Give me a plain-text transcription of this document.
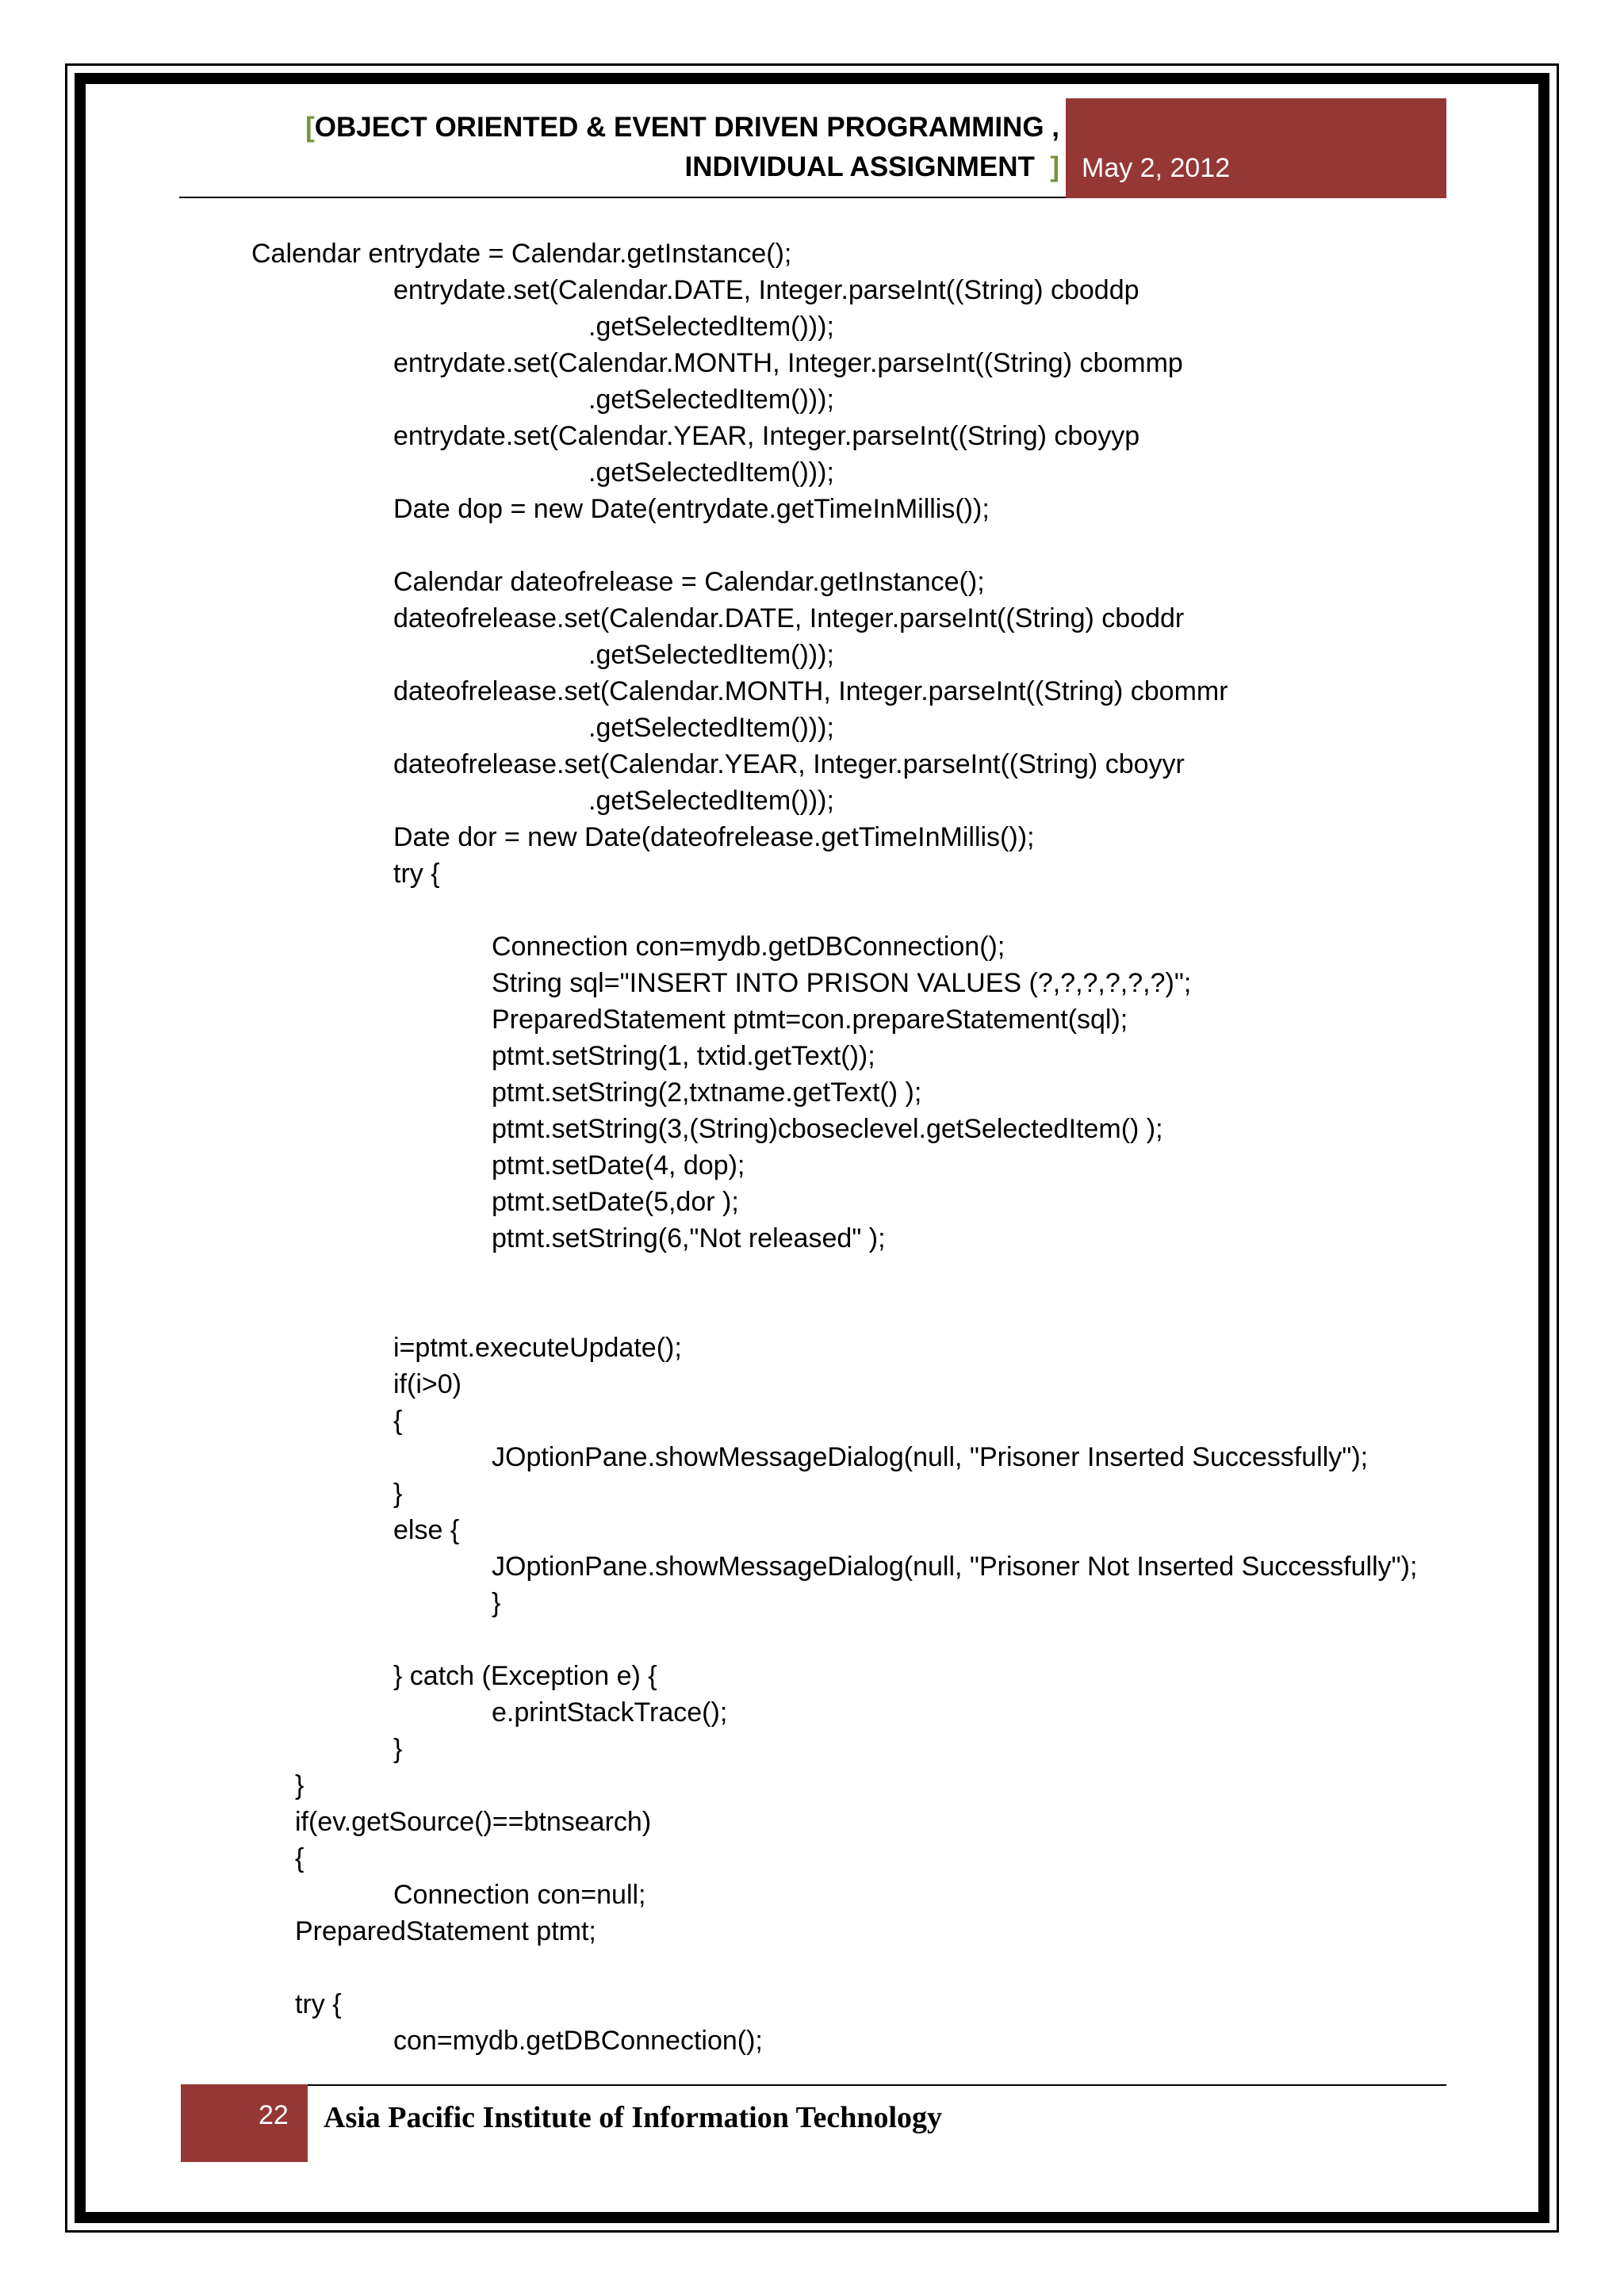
[OBJECT ORIENTED & EVENT DRIVEN PROGRAMMING ,
INDIVIDUAL ASSIGNMENT ] May 2, 2012
Calendar entrydate = Calendar.getInstance();
entrydate.set(Calendar.DATE, Integer.parseInt((String) cboddp
.getSelectedItem()));
entrydate.set(Calendar.MONTH, Integer.parseInt((String) cbommp
.getSelectedItem()));
entrydate.set(Calendar.YEAR, Integer.parseInt((String) cboyyp
.getSelectedItem()));
Date dop = new Date(entrydate.getTimeInMillis());
Calendar dateofrelease = Calendar.getInstance();
dateofrelease.set(Calendar.DATE, Integer.parseInt((String) cboddr
.getSelectedItem()));
dateofrelease.set(Calendar.MONTH, Integer.parseInt((String) cbommr
.getSelectedItem()));
dateofrelease.set(Calendar.YEAR, Integer.parseInt((String) cboyyr
.getSelectedItem()));
Date dor = new Date(dateofrelease.getTimeInMillis());
try {
Connection con=mydb.getDBConnection();
String sql="INSERT INTO PRISON VALUES (?,?,?,?,?,?)";
PreparedStatement ptmt=con.prepareStatement(sql);
ptmt.setString(1, txtid.getText());
ptmt.setString(2,txtname.getText() );
ptmt.setString(3,(String)cboseclevel.getSelectedItem() );
ptmt.setDate(4, dop);
ptmt.setDate(5,dor );
ptmt.setString(6,"Not released" );
i=ptmt.executeUpdate();
if(i>0)
{
JOptionPane.showMessageDialog(null, "Prisoner Inserted Successfully");
}
else {
JOptionPane.showMessageDialog(null, "Prisoner Not Inserted Successfully");
}
} catch (Exception e) {
e.printStackTrace();
}
}
if(ev.getSource()==btnsearch)
{
Connection con=null;
PreparedStatement ptmt;
try {
con=mydb.getDBConnection();
22 Asia Pacific Institute of Information Technology
